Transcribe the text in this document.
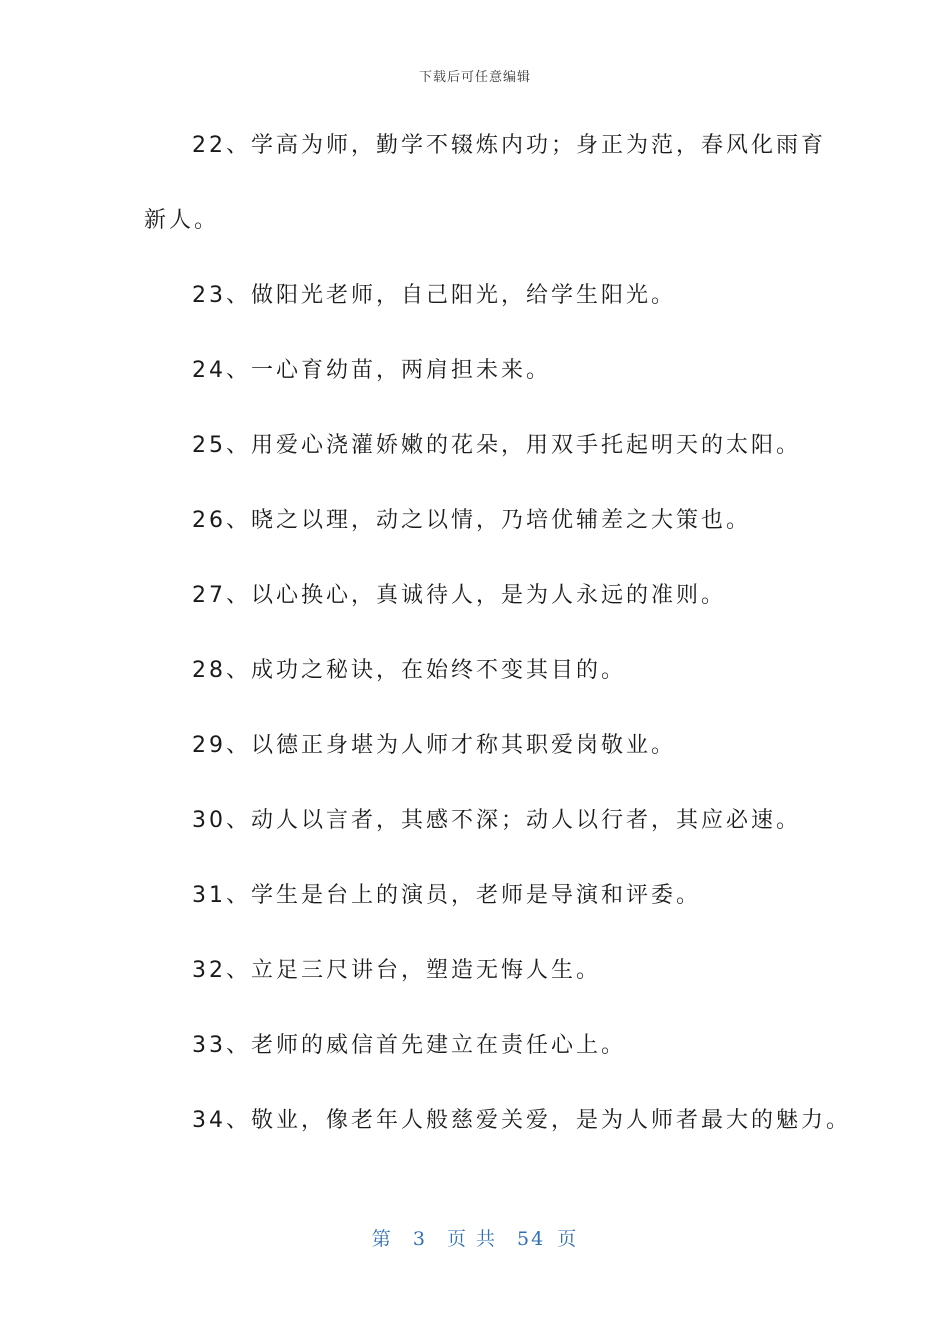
下载后可任意编辑
22、学高为师，勤学不辍炼内功；身正为范，春风化雨育
新人。
23、做阳光老师，自己阳光，给学生阳光。
24、一心育幼苗，两肩担未来。
25、用爱心浇灌娇嫩的花朵，用双手托起明天的太阳。
26、晓之以理，动之以情，乃培优辅差之大策也。
27、以心换心，真诚待人，是为人永远的准则。
28、成功之秘诀，在始终不变其目的。
29、以德正身堪为人师才称其职爱岗敬业。
30、动人以言者，其感不深；动人以行者，其应必速。
31、学生是台上的演员，老师是导演和评委。
32、立足三尺讲台，塑造无悔人生。
33、老师的威信首先建立在责任心上。
34、敬业，像老年人般慈爱关爱，是为人师者最大的魅力。
第 3 页 共 54 页
